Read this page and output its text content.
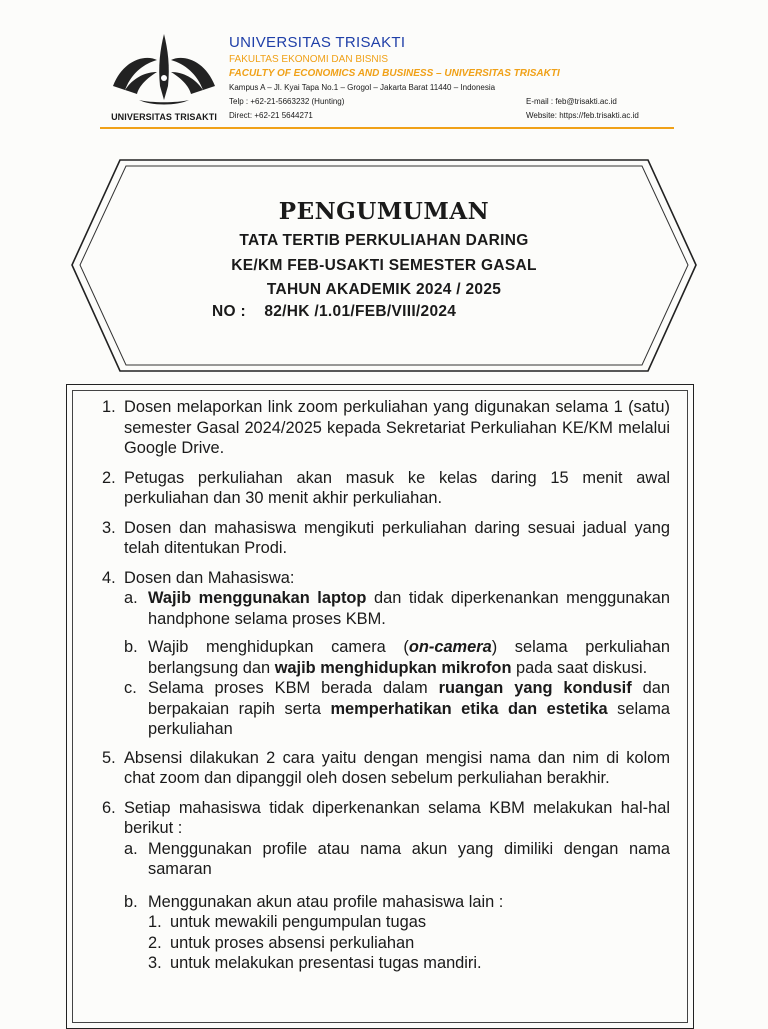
UNIVERSITAS TRISAKTI
UNIVERSITAS TRISAKTI
FAKULTAS EKONOMI DAN BISNIS
FACULTY OF ECONOMICS AND BUSINESS – UNIVERSITAS TRISAKTI
Kampus A – Jl. Kyai Tapa No.1 – Grogol – Jakarta Barat 11440 – Indonesia
Telp : +62-21-5663232 (Hunting)
Direct: +62-21 5644271
E-mail : feb@trisakti.ac.id
Website: https://feb.trisakti.ac.id
PENGUMUMAN
TATA TERTIB PERKULIAHAN DARING
KE/KM FEB-USAKTI SEMESTER GASAL
TAHUN AKADEMIK 2024 / 2025
NO :    82/HK /1.01/FEB/VIII/2024
1. Dosen melaporkan link zoom perkuliahan yang digunakan selama 1 (satu) semester Gasal 2024/2025 kepada Sekretariat Perkuliahan KE/KM melalui Google Drive.
2. Petugas perkuliahan akan masuk ke kelas daring 15 menit awal perkuliahan dan 30 menit akhir perkuliahan.
3. Dosen dan mahasiswa mengikuti perkuliahan daring sesuai jadual yang telah ditentukan Prodi.
4. Dosen dan Mahasiswa:
a. Wajib menggunakan laptop dan tidak diperkenankan menggunakan handphone selama proses KBM.
b. Wajib menghidupkan camera (on-camera) selama perkuliahan berlangsung dan wajib menghidupkan mikrofon pada saat diskusi.
c. Selama proses KBM berada dalam ruangan yang kondusif dan berpakaian rapih serta memperhatikan etika dan estetika selama perkuliahan
5. Absensi dilakukan 2 cara yaitu dengan mengisi nama dan nim di kolom chat zoom dan dipanggil oleh dosen sebelum perkuliahan berakhir.
6. Setiap mahasiswa tidak diperkenankan selama KBM melakukan hal-hal berikut :
a. Menggunakan profile atau nama akun yang dimiliki dengan nama samaran
b. Menggunakan akun atau profile mahasiswa lain :
1. untuk mewakili pengumpulan tugas
2. untuk proses absensi perkuliahan
3. untuk melakukan presentasi tugas mandiri.
